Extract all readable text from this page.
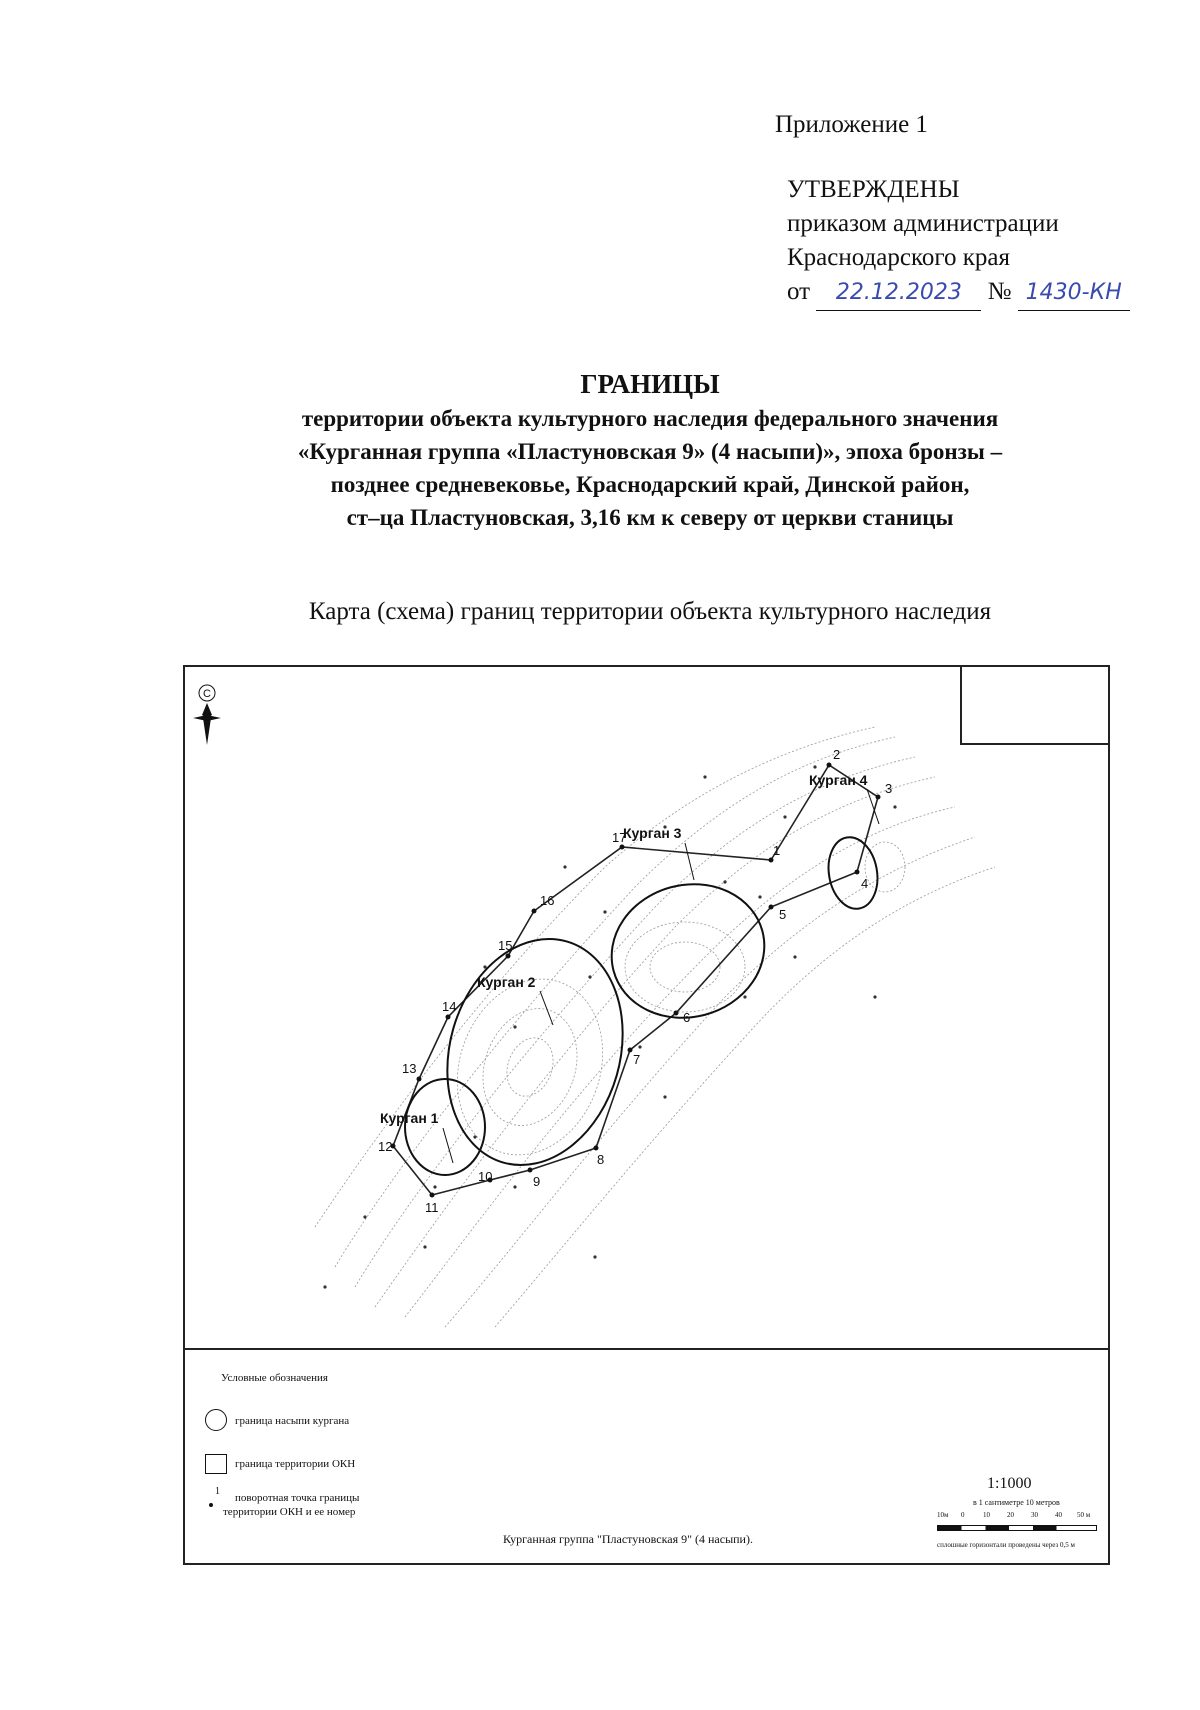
Приложение 1
УТВЕРЖДЕНЫ
приказом администрации
Краснодарского края
от 22.12.2023 № 1430-КН
ГРАНИЦЫ
территории объекта культурного наследия федерального значения
«Курганная группа «Пластуновская 9» (4 насыпи)», эпоха бронзы –
позднее средневековье, Краснодарский край, Динской район,
ст–ца Пластуновская, 3,16 км к северу от церкви станицы
Карта (схема) границ территории объекта культурного наследия
1
2
3
4
5
6
7
8
9
10
11
12
13
14
15
16
17
Курган 1
Курган 2
Курган 3
Курган 4
С
Условные обозначения
граница насыпи кургана
граница территории ОКН
1
поворотная точка границы
территории ОКН и ее номер
Курганная группа "Пластуновская 9" (4 насыпи).
1:1000
в 1 сантиметре 10 метров
10м 0	10 20 30 40 50 м
сплошные горизонтали проведены через 0,5 м
